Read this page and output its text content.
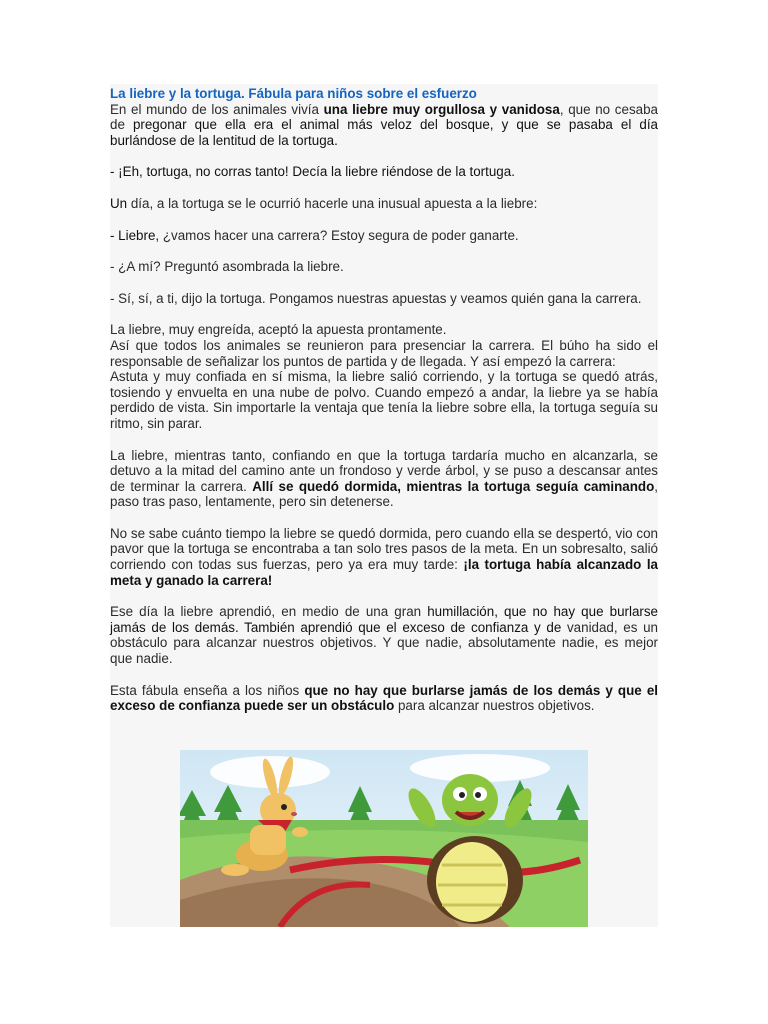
La liebre y la tortuga. Fábula para niños sobre el esfuerzo

En el mundo de los animales vivía una liebre muy orgullosa y vanidosa, que no cesaba de pregonar que ella era el animal más veloz del bosque, y que se pasaba el día burlándose de la lentitud de la tortuga.

- ¡Eh, tortuga, no corras tanto! Decía la liebre riéndose de la tortuga.

Un día, a la tortuga se le ocurrió hacerle una inusual apuesta a la liebre:

- Liebre, ¿vamos hacer una carrera? Estoy segura de poder ganarte.

- ¿A mí? Preguntó asombrada la liebre.

- Sí, sí, a ti, dijo la tortuga. Pongamos nuestras apuestas y veamos quién gana la carrera.

La liebre, muy engreída, aceptó la apuesta prontamente.

Así que todos los animales se reunieron para presenciar la carrera. El búho ha sido el responsable de señalizar los puntos de partida y de llegada. Y así empezó la carrera:

Astuta y muy confiada en sí misma, la liebre salió corriendo, y la tortuga se quedó atrás, tosiendo y envuelta en una nube de polvo. Cuando empezó a andar, la liebre ya se había perdido de vista. Sin importarle la ventaja que tenía la liebre sobre ella, la tortuga seguía su ritmo, sin parar.

La liebre, mientras tanto, confiando en que la tortuga tardaría mucho en alcanzarla, se detuvo a la mitad del camino ante un frondoso y verde árbol, y se puso a descansar antes de terminar la carrera. Allí se quedó dormida, mientras la tortuga seguía caminando, paso tras paso, lentamente, pero sin detenerse.

No se sabe cuánto tiempo la liebre se quedó dormida, pero cuando ella se despertó, vio con pavor que la tortuga se encontraba a tan solo tres pasos de la meta. En un sobresalto, salió corriendo con todas sus fuerzas, pero ya era muy tarde: ¡la tortuga había alcanzado la meta y ganado la carrera!

Ese día la liebre aprendió, en medio de una gran humillación, que no hay que burlarse jamás de los demás. También aprendió que el exceso de confianza y de vanidad, es un obstáculo para alcanzar nuestros objetivos. Y que nadie, absolutamente nadie, es mejor que nadie.

Esta fábula enseña a los niños que no hay que burlarse jamás de los demás y que el exceso de confianza puede ser un obstáculo para alcanzar nuestros objetivos.
